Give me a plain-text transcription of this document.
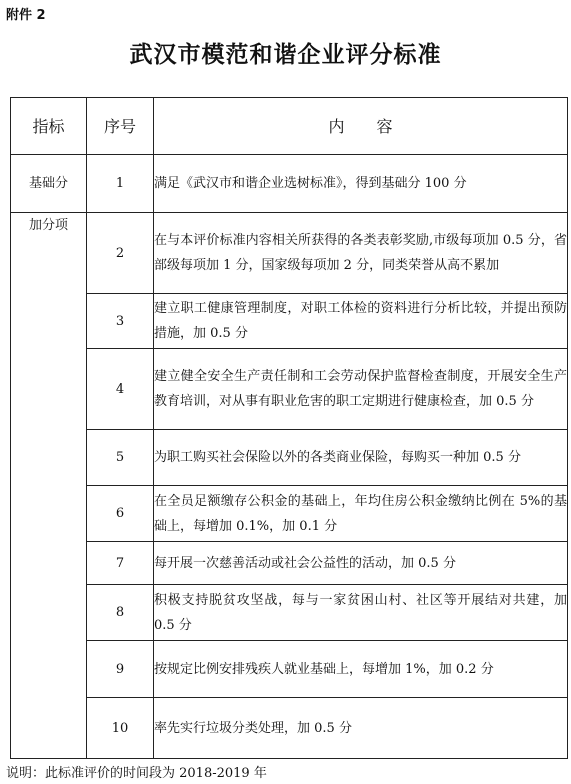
附件 2
武汉市模范和谐企业评分标准
指标	序号	内容
基础分	1	满足《武汉市和谐企业选树标准》，得到基础分 100 分
加分项	2	在与本评价标准内容相关所获得的各类表彰奖励,市级每项加 0.5 分，省部级每项加 1 分，国家级每项加 2 分，同类荣誉从高不累加
	3	建立职工健康管理制度，对职工体检的资料进行分析比较，并提出预防措施，加 0.5 分
	4	建立健全安全生产责任制和工会劳动保护监督检查制度，开展安全生产教育培训，对从事有职业危害的职工定期进行健康检查，加 0.5 分
	5	为职工购买社会保险以外的各类商业保险，每购买一种加 0.5 分
	6	在全员足额缴存公积金的基础上，年均住房公积金缴纳比例在 5%的基础上，每增加 0.1%，加 0.1 分
	7	每开展一次慈善活动或社会公益性的活动，加 0.5 分
	8	积极支持脱贫攻坚战，每与一家贫困山村、社区等开展结对共建，加 0.5 分
	9	按规定比例安排残疾人就业基础上，每增加 1%，加 0.2 分
	10	率先实行垃圾分类处理，加 0.5 分
说明：此标准评价的时间段为 2018-2019 年
